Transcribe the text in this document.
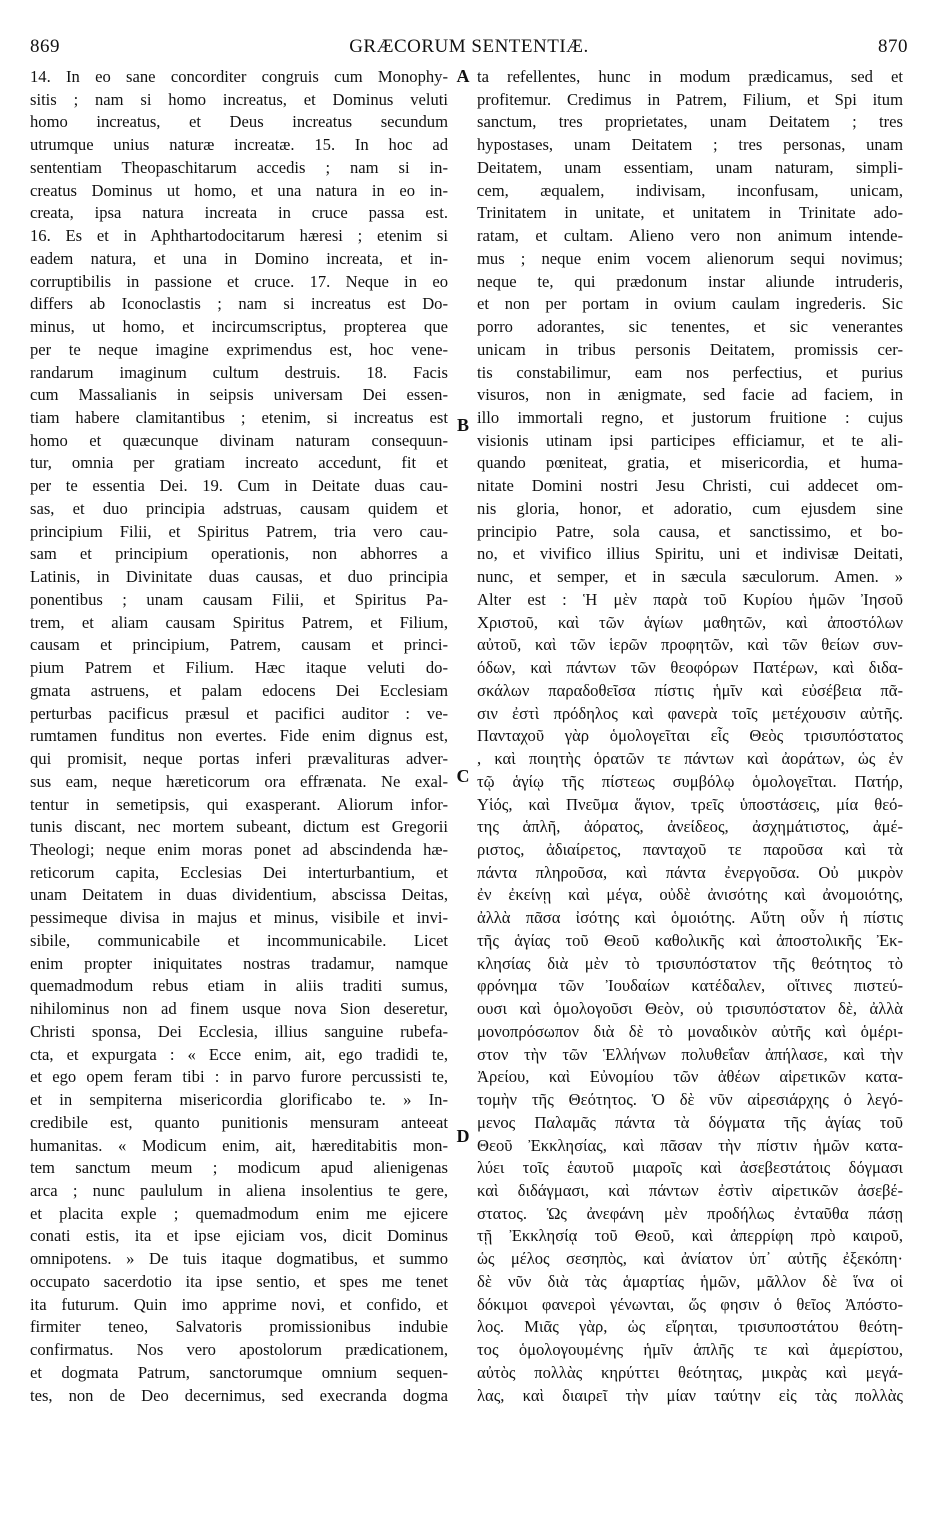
869	GRÆCORUM SENTENTIÆ.	870
14. In eo sane concorditer congruis cum Monophy-
sitis ; nam si homo increatus, et Dominus veluti
homo increatus, et Deus increatus secundum
utrumque unius naturæ increatæ. 15. In hoc ad
sententiam Theopaschitarum accedis ; nam si in-
creatus Dominus ut homo, et una natura in eo in-
creata, ipsa natura increata in cruce passa est.
16. Es et in Aphthartodocitarum hæresi ; etenim si
eadem natura, et una in Domino increata, et in-
corruptibilis in passione et cruce. 17. Neque in eo
differs ab Iconoclastis ; nam si increatus est Do-
minus, ut homo, et incircumscriptus, propterea que
per te neque imagine exprimendus est, hoc vene-
randarum imaginum cultum destruis. 18. Facis
cum Massalianis in seipsis universam Dei essen-
tiam habere clamitantibus ; etenim, si increatus est
homo et quæcunque divinam naturam consequun-
tur, omnia per gratiam increato accedunt, fit et
per te essentia Dei. 19. Cum in Deitate duas cau-
sas, et duo principia adstruas, causam quidem et
principium Filii, et Spiritus Patrem, tria vero cau-
sam et principium operationis, non abhorres a
Latinis, in Divinitate duas causas, et duo principia
ponentibus ; unam causam Filii, et Spiritus Pa-
trem, et aliam causam Spiritus Patrem, et Filium,
causam et principium, Patrem, causam et princi-
pium Patrem et Filium. Hæc itaque veluti do-
gmata astruens, et palam edocens Dei Ecclesiam
perturbas pacificus præsul et pacifici auditor : ve-
rumtamen funditus non evertes. Fide enim dignus est,
qui promisit, neque portas inferi prævalituras adver-
sus eam, neque hæreticorum ora effrænata. Ne exal-
tentur in semetipsis, qui exasperant. Aliorum infor-
tunis discant, nec mortem subeant, dictum est Gregorii
Theologi; neque enim moras ponet ad abscindenda hæ-
reticorum capita, Ecclesias Dei interturbantium, et
unam Deitatem in duas dividentium, abscissa Deitas,
pessimeque divisa in majus et minus, visibile et invi-
sibile, communicabile et incommunicabile. Licet
enim propter iniquitates nostras tradamur, namque
quemadmodum rebus etiam in aliis traditi sumus,
nihilominus non ad finem usque nova Sion deseretur,
Christi sponsa, Dei Ecclesia, illius sanguine rubefa-
cta, et expurgata : « Ecce enim, ait, ego tradidi te,
et ego opem feram tibi : in parvo furore percussisti te,
et in sempiterna misericordia glorificabo te. » In-
credibile est, quanto punitionis mensuram anteeat
humanitas. « Modicum enim, ait, hæreditabitis mon-
tem sanctum meum ; modicum apud alienigenas
arca ; nunc paululum in aliena insolentius te gere,
et placita exple ; quemadmodum enim me ejicere
conati estis, ita et ipse ejiciam vos, dicit Dominus
omnipotens. » De tuis itaque dogmatibus, et summo
occupato sacerdotio ita ipse sentio, et spes me tenet
ita futurum. Quin imo apprime novi, et confido, et
firmiter teneo, Salvatoris promissionibus indubie
confirmatus. Nos vero apostolorum prædicationem,
et dogmata Patrum, sanctorumque omnium sequen-
tes, non de Deo decernimus, sed execranda dogma
A
B
C
D
ta refellentes, hunc in modum prædicamus, sed et
profitemur. Credimus in Patrem, Filium, et Spi itum
sanctum, tres proprietates, unam Deitatem ; tres
hypostases, unam Deitatem ; tres personas, unam
Deitatem, unam essentiam, unam naturam, simpli-
cem, æqualem, indivisam, inconfusam, unicam,
Trinitatem in unitate, et unitatem in Trinitate ado-
ratam, et cultam. Alieno vero non animum intende-
mus ; neque enim vocem alienorum sequi novimus;
neque te, qui prædonum instar aliunde intruderis,
et non per portam in ovium caulam ingrederis. Sic
porro adorantes, sic tenentes, et sic venerantes
unicam in tribus personis Deitatem, promissis cer-
tis constabilimur, eam nos perfectius, et purius
visuros, non in ænigmate, sed facie ad faciem, in
illo immortali regno, et justorum fruitione : cujus
visionis utinam ipsi participes efficiamur, et te ali-
quando pœniteat, gratia, et misericordia, et huma-
nitate Domini nostri Jesu Christi, cui addecet om-
nis gloria, honor, et adoratio, cum ejusdem sine
principio Patre, sola causa, et sanctissimo, et bo-
no, et vivifico illius Spiritu, uni et indivisæ Deitati,
nunc, et semper, et in sæcula sæculorum. Amen. »
Alter est : Ἡ μὲν παρὰ τοῦ Κυρίου ἡμῶν Ἰησοῦ
Χριστοῦ, καὶ τῶν ἁγίων μαθητῶν, καὶ ἀποστόλων
αὐτοῦ, καὶ τῶν ἱερῶν προφητῶν, καὶ τῶν θείων συν-
όδων, καὶ πάντων τῶν θεοφόρων Πατέρων, καὶ διδα-
σκάλων παραδοθεῖσα πίστις ἡμῖν καὶ εὐσέβεια πᾶ-
σιν ἐστὶ πρόδηλος καὶ φανερὰ τοῖς μετέχουσιν αὐτῆς.
Πανταχοῦ γὰρ ὁμολογεῖται εἷς Θεὸς τρισυπόστατος
, καὶ ποιητὴς ὁρατῶν τε πάντων καὶ ἀοράτων, ὡς ἐν
τῷ ἁγίῳ τῆς πίστεως συμβόλῳ ὁμολογεῖται. Πατήρ,
Υἱός, καὶ Πνεῦμα ἅγιον, τρεῖς ὑποστάσεις, μία θεό-
της ἁπλῆ, ἀόρατος, ἀνείδεος, ἀσχημάτιστος, ἀμέ-
ριστος, ἀδιαίρετος, πανταχοῦ τε παροῦσα καὶ τὰ
πάντα πληροῦσα, καὶ πάντα ἐνεργοῦσα. Οὐ μικρὸν
ἐν ἐκείνῃ καὶ μέγα, οὐδὲ ἀνισότης καὶ ἀνομοιότης,
ἀλλὰ πᾶσα ἰσότης καὶ ὁμοιότης. Αὕτη οὖν ἡ πίστις
τῆς ἁγίας τοῦ Θεοῦ καθολικῆς καὶ ἀποστολικῆς Ἐκ-
κλησίας διὰ μὲν τὸ τρισυπόστατον τῆς θεότητος τὸ
φρόνημα τῶν Ἰουδαίων κατέδαλεν, οἵτινες πιστεύ-
ουσι καὶ ὁμολογοῦσι Θεὸν, οὐ τρισυπόστατον δὲ, ἀλλὰ
μονοπρόσωπον διὰ δὲ τὸ μοναδικὸν αὐτῆς καὶ ὁμέρι-
στον τὴν τῶν Ἑλλήνων πολυθεΐαν ἀπήλασε, καὶ τὴν
Ἀρείου, καὶ Εὐνομίου τῶν ἀθέων αἱρετικῶν κατα-
τομὴν τῆς Θεότητος. Ὁ δὲ νῦν αἱρεσιάρχης ὁ λεγό-
μενος Παλαμᾶς πάντα τὰ δόγματα τῆς ἁγίας τοῦ
Θεοῦ Ἐκκλησίας, καὶ πᾶσαν τὴν πίστιν ἡμῶν κατα-
λύει τοῖς ἑαυτοῦ μιαροῖς καὶ ἀσεβεστάτοις δόγμασι
καὶ διδάγμασι, καὶ πάντων ἐστὶν αἱρετικῶν ἀσεβέ-
στατος. Ὡς ἀνεφάνη μὲν προδήλως ἐνταῦθα πάσῃ
τῇ Ἐκκλησίᾳ τοῦ Θεοῦ, καὶ ἀπερρίφη πρὸ καιροῦ,
ὡς μέλος σεσηπὸς, καὶ ἀνίατον ὑπ᾽ αὐτῆς ἐξεκόπη·
δὲ νῦν διὰ τὰς ἁμαρτίας ἡμῶν, μᾶλλον δὲ ἵνα οἱ
δόκιμοι φανεροὶ γένωνται, ὥς φησιν ὁ θεῖος Ἀπόστο-
λος. Μιᾶς γὰρ, ὡς εἴρηται, τρισυποστάτου θεότη-
τος ὁμολογουμένης ἡμῖν ἁπλῆς τε καὶ ἀμερίστου,
αὐτὸς πολλὰς κηρύττει θεότητας, μικρὰς καὶ μεγά-
λας, καὶ διαιρεῖ τὴν μίαν ταύτην εἰς τὰς πολλὰς
